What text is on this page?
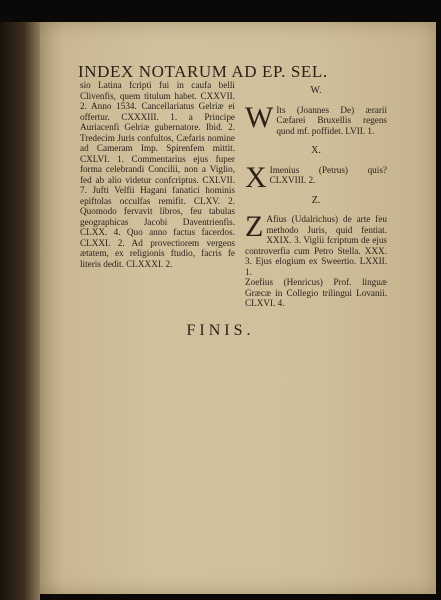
INDEX NOTARUM AD EP. SEL.

sio Latina fcripti fui in caufa belli Clivenfis, quem titulum habet. CXXVII. 2. Anno 1534. Cancellariatus Gelriæ ei offertur. CXXXIII. 1. a Principe Auriacenfi Gelriæ gubernatore. Ibid. 2. Tredecim Juris confultos, Cæfaris nomine ad Cameram Imp. Spirenfem mittit. CXLVI. 1. Commentarius ejus fuper forma celebrandi Concilii, non a Viglio, fed ab alio videtur confcriptus. CXLVII. 7. Jufti Velfii Hagani fanatici hominis epiftolas occulfas remifit. CLXV. 2. Quomodo fervavit libros, feu tabulas geographicas Jacobi Daventrienfis. CLXX. 4. Quo anno factus facerdos. CLXXI. 2. Ad provectiorem vergens ætatem, ex religionis ftudio, facris fe literis dedit. CLXXXI. 2.

W.

W Its (Joannes De) ærarii Cæfarei Bruxellis regens quod mf. poffidet. LVII. 1.

X.

X Imenius (Petrus) quis? CLXVIII. 2.

Z.

Z Afius (Udalrichus) de arte feu methodo Juris, quid fentiat. XXIX. 3. Viglii fcriptum de ejus controverfia cum Petro Stella. XXX. 3. Ejus elogium ex Sweertio. LXXII. 1.

Zoefius (Henricus) Prof. linguæ Græcæ in Collegio trilingui Lovanii. CLXVI. 4.

FINIS.
